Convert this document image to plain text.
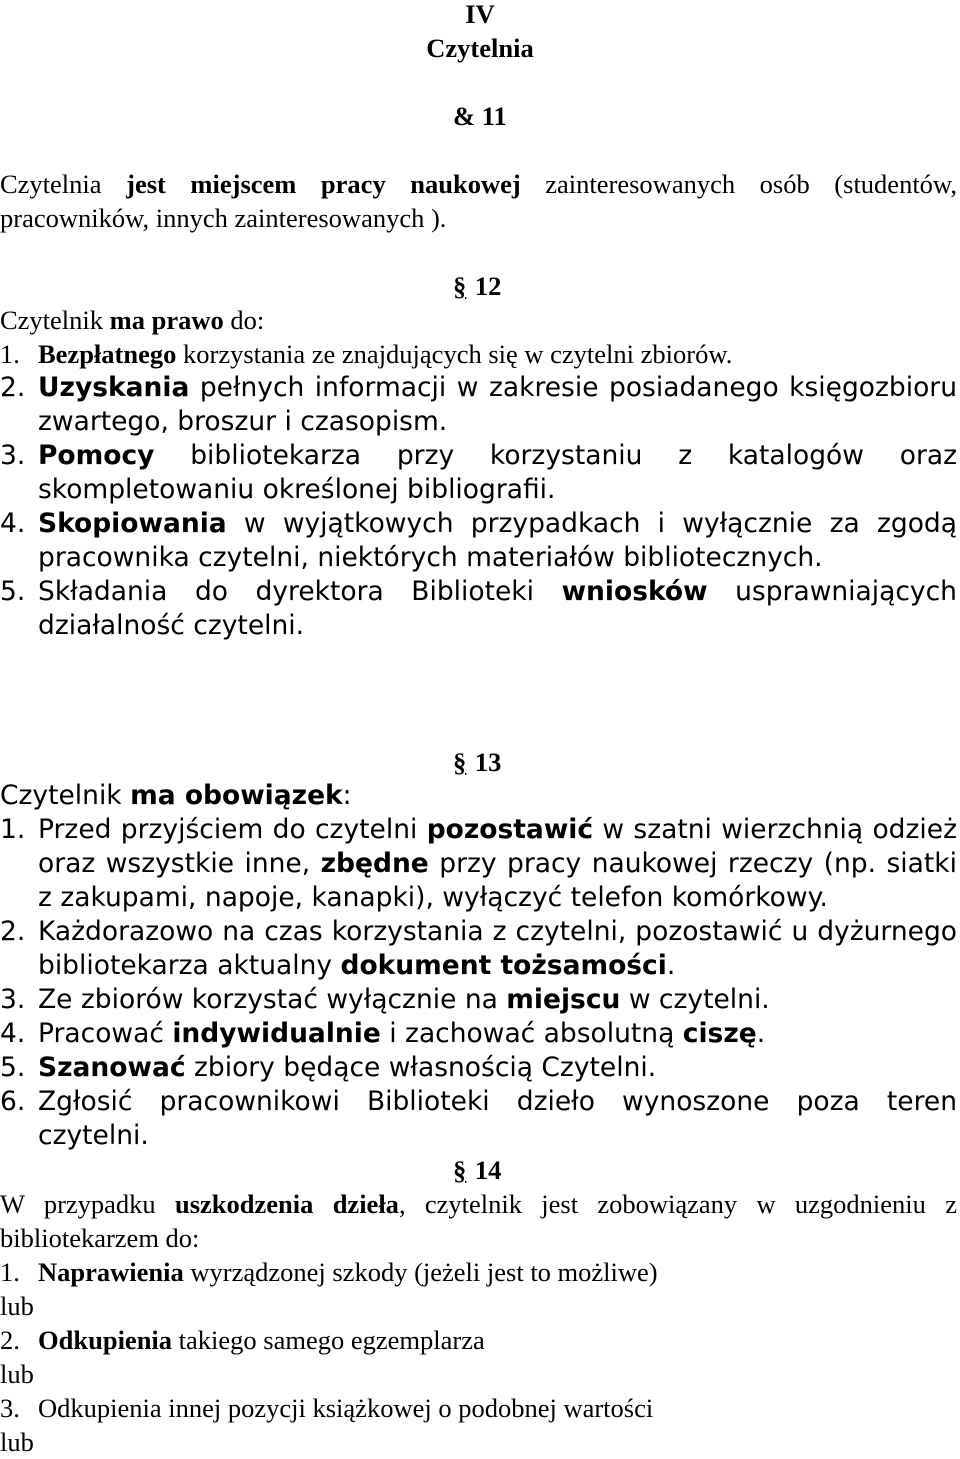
IV
Czytelnia
& 11
Czytelnia jest miejscem pracy naukowej zainteresowanych osób (studentów, pracowników, innych zainteresowanych ).
§ 12
Czytelnik ma prawo do:
1. Bezpłatnego korzystania ze znajdujących się w czytelni zbiorów.
2. Uzyskania pełnych informacji w zakresie posiadanego księgozbioru zwartego, broszur i czasopism.
3. Pomocy bibliotekarza przy korzystaniu z katalogów oraz skompletowaniu określonej bibliografii.
4. Skopiowania w wyjątkowych przypadkach i wyłącznie za zgodą pracownika czytelni, niektórych materiałów bibliotecznych.
5. Składania do dyrektora Biblioteki wniosków usprawniających działalność czytelni.
§ 13
Czytelnik ma obowiązek:
1. Przed przyjściem do czytelni pozostawić w szatni wierzchnią odzież oraz wszystkie inne, zbędne przy pracy naukowej rzeczy (np. siatki z zakupami, napoje, kanapki), wyłączyć telefon komórkowy.
2. Każdorazowo na czas korzystania z czytelni, pozostawić u dyżurnego bibliotekarza aktualny dokument tożsamości.
3. Ze zbiorów korzystać wyłącznie na miejscu w czytelni.
4. Pracować indywidualnie i zachować absolutną ciszę.
5. Szanować zbiory będące własnością Czytelni.
6. Zgłosić pracownikowi Biblioteki dzieło wynoszone poza teren czytelni.
§ 14
W przypadku uszkodzenia dzieła, czytelnik jest zobowiązany w uzgodnieniu z bibliotekarzem do:
1. Naprawienia wyrządzonej szkody (jeżeli jest to możliwe)
lub
2. Odkupienia takiego samego egzemplarza
lub
3. Odkupienia innej pozycji książkowej o podobnej wartości
lub
